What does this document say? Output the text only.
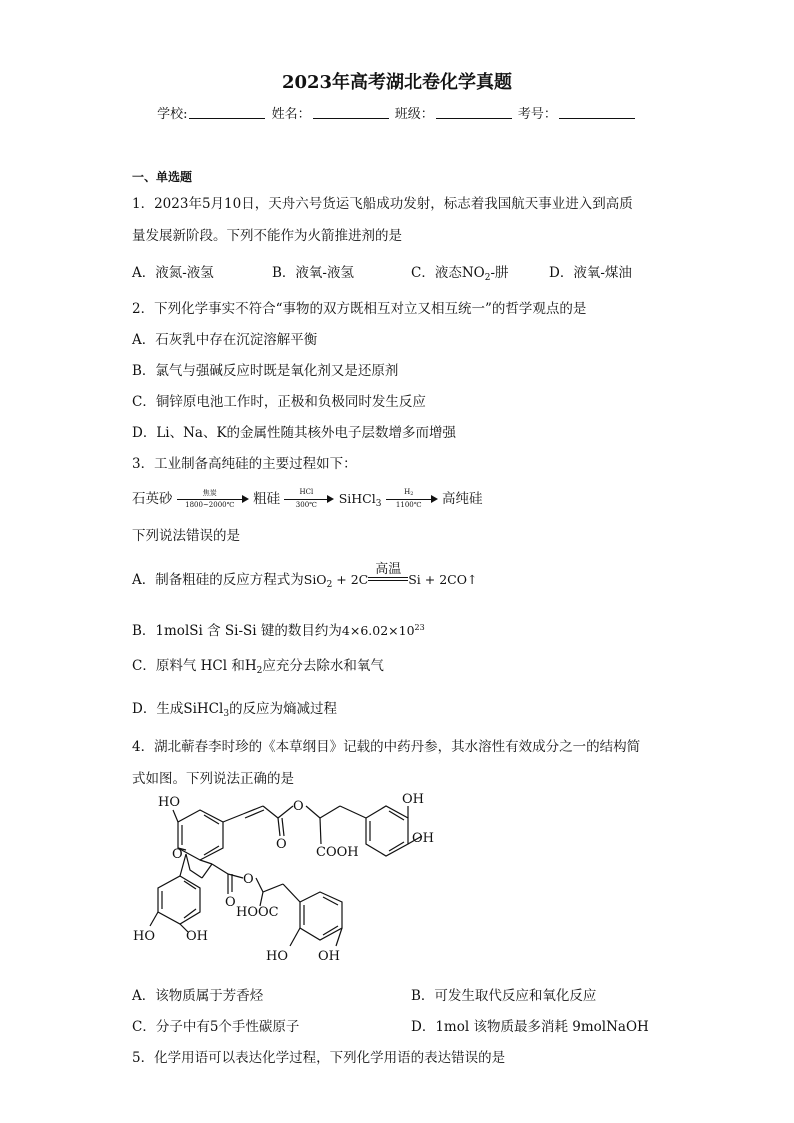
2023年高考湖北卷化学真题
学校:	姓名：	班级：	考号：
一、单选题
1．2023年5月10日，天舟六号货运飞船成功发射，标志着我国航天事业进入到高质
量发展新阶段。下列不能作为火箭推进剂的是
A．液氮-液氢	B．液氧-液氢	C．液态$NO_2-$肼	D．液氧-煤油
2．下列化学事实不符合“事物的双方既相互对立又相互统一”的哲学观点的是
A．石灰乳中存在沉淀溶解平衡
B．氯气与强碱反应时既是氧化剂又是还原剂
C．铜锌原电池工作时，正极和负极同时发生反应
D．Li、Na、K的金属性随其核外电子层数增多而增强
3．工业制备高纯硅的主要过程如下：
石英砂	焦炭
1800~2000℃	粗硅	HCl
300℃	SiHCl$_3$ $\frac{H_2}{1100℃}$ 高纯硅
下列说法错误的是
A．制备粗硅的反应方程式为SiO$_2$ + 2C
高温
Si + 2CO↑
B．1molSi 含 Si-Si 键的数目约为$4\times 6.02\times 10^{23}$
C．原料气 HCl 和$H_2$应充分去除水和氧气
D．生成SiHCl$_3$的反应为熵减过程
4．湖北蕲春李时珍的《本草纲目》记载的中药丹参，其水溶性有效成分之一的结构简
式如图。下列说法正确的是
HO	OH
OH
O
O
O
COOH
O
O
HOOC
HO OH
HO OH
A．该物质属于芳香烃	B．可发生取代反应和氧化反应
C．分子中有5个手性碳原子	D．1mol 该物质最多消耗 9molNaOH
5．化学用语可以表达化学过程，下列化学用语的表达错误的是
